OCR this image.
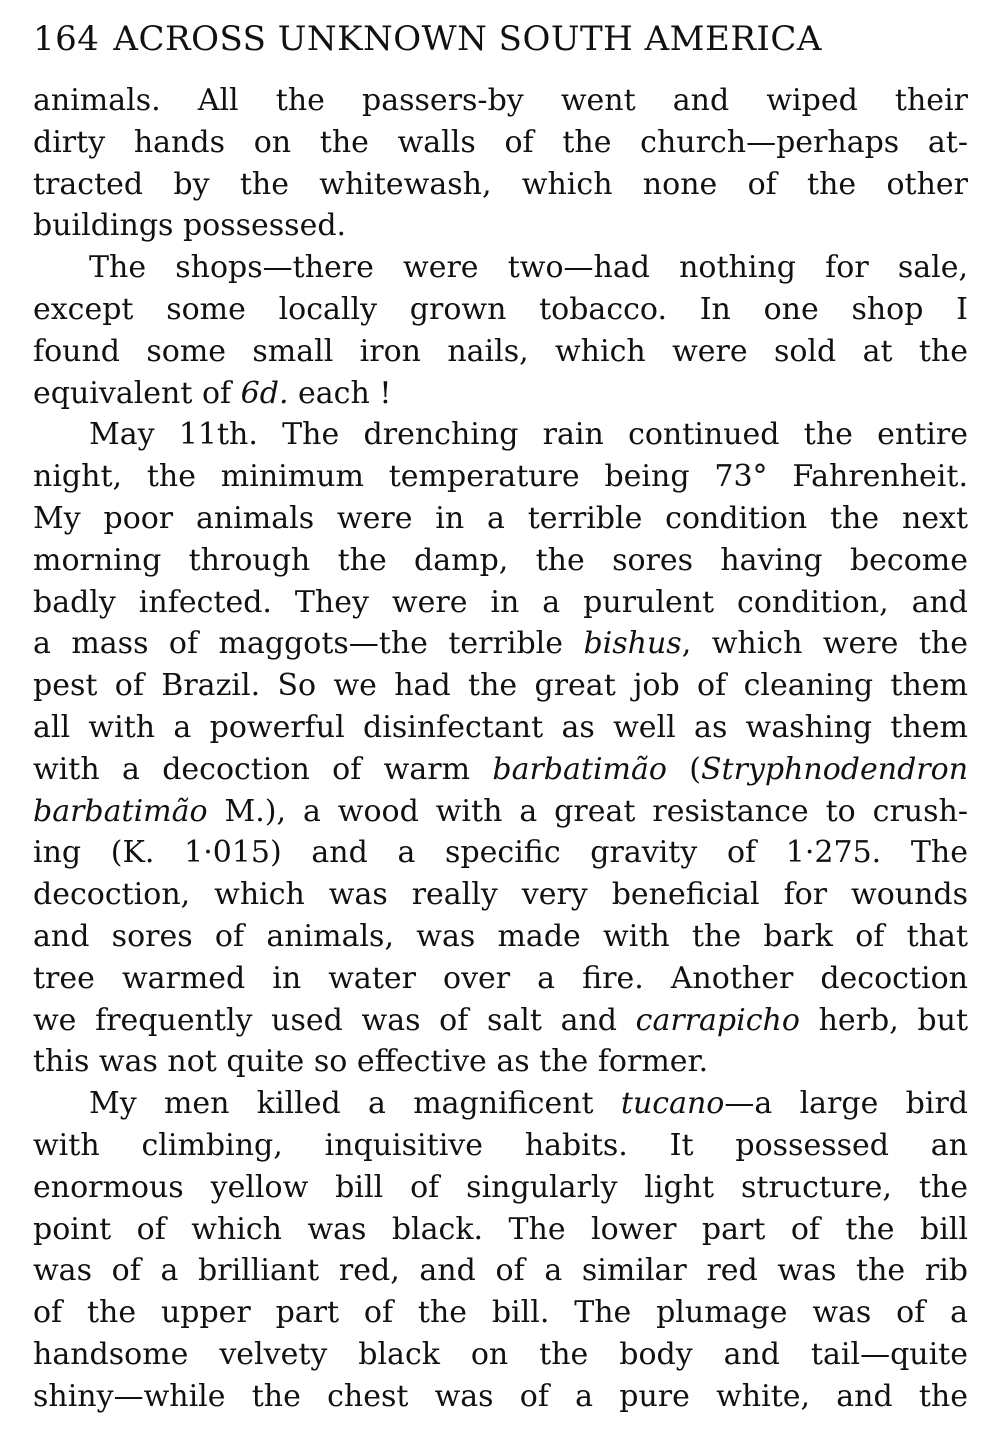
164 ACROSS UNKNOWN SOUTH AMERICA
animals. All the passers-by went and wiped their
dirty hands on the walls of the church—perhaps at-
tracted by the whitewash, which none of the other
buildings possessed.
The shops—there were two—had nothing for sale,
except some locally grown tobacco. In one shop I
found some small iron nails, which were sold at the
equivalent of 6d. each !
May 11th. The drenching rain continued the entire
night, the minimum temperature being 73° Fahrenheit.
My poor animals were in a terrible condition the next
morning through the damp, the sores having become
badly infected. They were in a purulent condition, and
a mass of maggots—the terrible bishus, which were the
pest of Brazil. So we had the great job of cleaning them
all with a powerful disinfectant as well as washing them
with a decoction of warm barbatimão (Stryphnodendron
barbatimão M.), a wood with a great resistance to crush-
ing (K. 1·015) and a specific gravity of 1·275. The
decoction, which was really very beneficial for wounds
and sores of animals, was made with the bark of that
tree warmed in water over a fire. Another decoction
we frequently used was of salt and carrapicho herb, but
this was not quite so effective as the former.
My men killed a magnificent tucano—a large bird
with climbing, inquisitive habits. It possessed an
enormous yellow bill of singularly light structure, the
point of which was black. The lower part of the bill
was of a brilliant red, and of a similar red was the rib
of the upper part of the bill. The plumage was of a
handsome velvety black on the body and tail—quite
shiny—while the chest was of a pure white, and the
